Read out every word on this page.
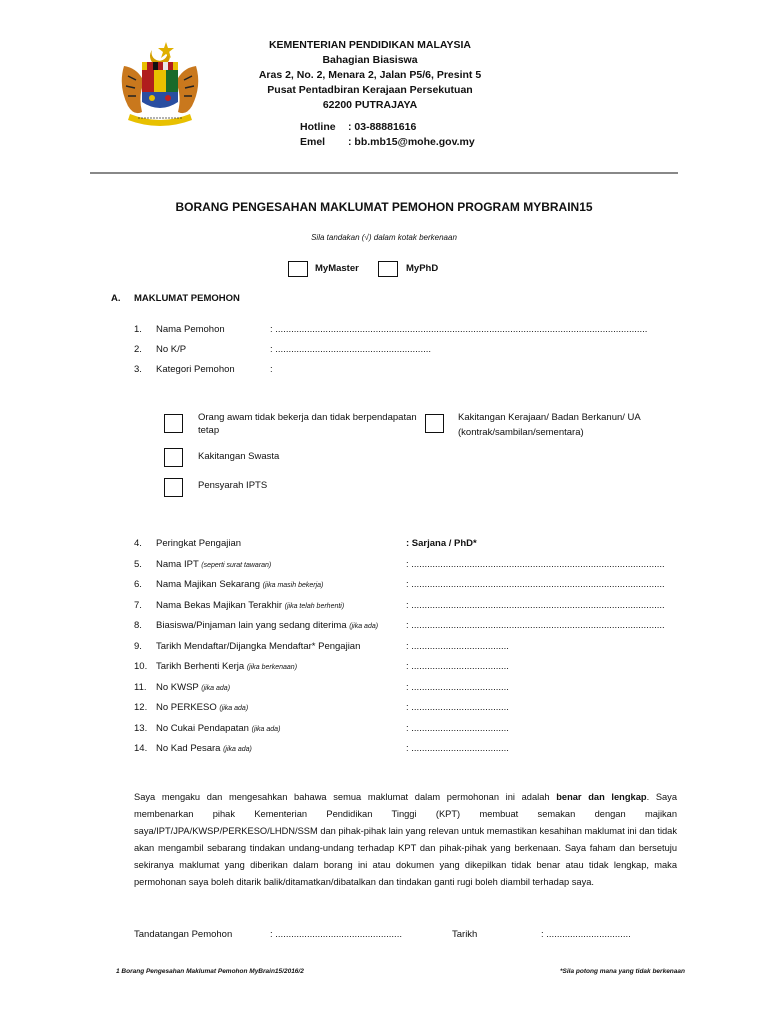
KEMENTERIAN PENDIDIKAN MALAYSIA
Bahagian Biasiswa
Aras 2, No. 2, Menara 2, Jalan P5/6, Presint 5
Pusat Pentadbiran Kerajaan Persekutuan
62200 PUTRAJAYA
Hotline : 03-88881616
Emel : bb.mb15@mohe.gov.my
BORANG PENGESAHAN MAKLUMAT PEMOHON PROGRAM MYBRAIN15
Sila tandakan (√) dalam kotak berkenaan
MyMaster	MyPhD
A. MAKLUMAT PEMOHON
1. Nama Pemohon	: .............................................................................................................................................
2. No K/P	: ...........................................................
3. Kategori Pemohon	:
Orang awam tidak bekerja dan tidak berpendapatan
tetap
Kakitangan Kerajaan/ Badan Berkanun/ UA
(kontrak/sambilan/sementara)
Kakitangan Swasta
Pensyarah IPTS
4. Peringkat Pengajian	: Sarjana / PhD*
5. Nama IPT (seperti surat tawaran)	: ................................................................................................
6. Nama Majikan Sekarang (jika masih bekerja)	: ................................................................................................
7. Nama Bekas Majikan Terakhir (jika telah berhenti)	: ................................................................................................
8. Biasiswa/Pinjaman lain yang sedang diterima (jika ada)	: ................................................................................................
9. Tarikh Mendaftar/Dijangka Mendaftar* Pengajian	: .....................................
10. Tarikh Berhenti Kerja (jika berkenaan)	: .....................................
11. No KWSP (jika ada)	: .....................................
12. No PERKESO (jika ada)	: .....................................
13. No Cukai Pendapatan (jika ada)	: .....................................
14. No Kad Pesara (jika ada)	: .....................................
Saya mengaku dan mengesahkan bahawa semua maklumat dalam permohonan ini adalah benar dan lengkap. Saya membenarkan pihak Kementerian Pendidikan Tinggi (KPT) membuat semakan dengan majikan saya/IPT/JPA/KWSP/PERKESO/LHDN/SSM dan pihak-pihak lain yang relevan untuk memastikan kesahihan maklumat ini dan tidak akan mengambil sebarang tindakan undang-undang terhadap KPT dan pihak-pihak yang berkenaan. Saya faham dan bersetuju sekiranya maklumat yang diberikan dalam borang ini atau dokumen yang dikepilkan tidak benar atau tidak lengkap, maka permohonan saya boleh ditarik balik/ditamatkan/dibatalkan dan tindakan ganti rugi boleh diambil terhadap saya.
Tandatangan Pemohon	: ................................................	Tarikh	: ................................
1 Borang Pengesahan Maklumat Pemohon MyBrain15/2016/2	*Sila potong mana yang tidak berkenaan
